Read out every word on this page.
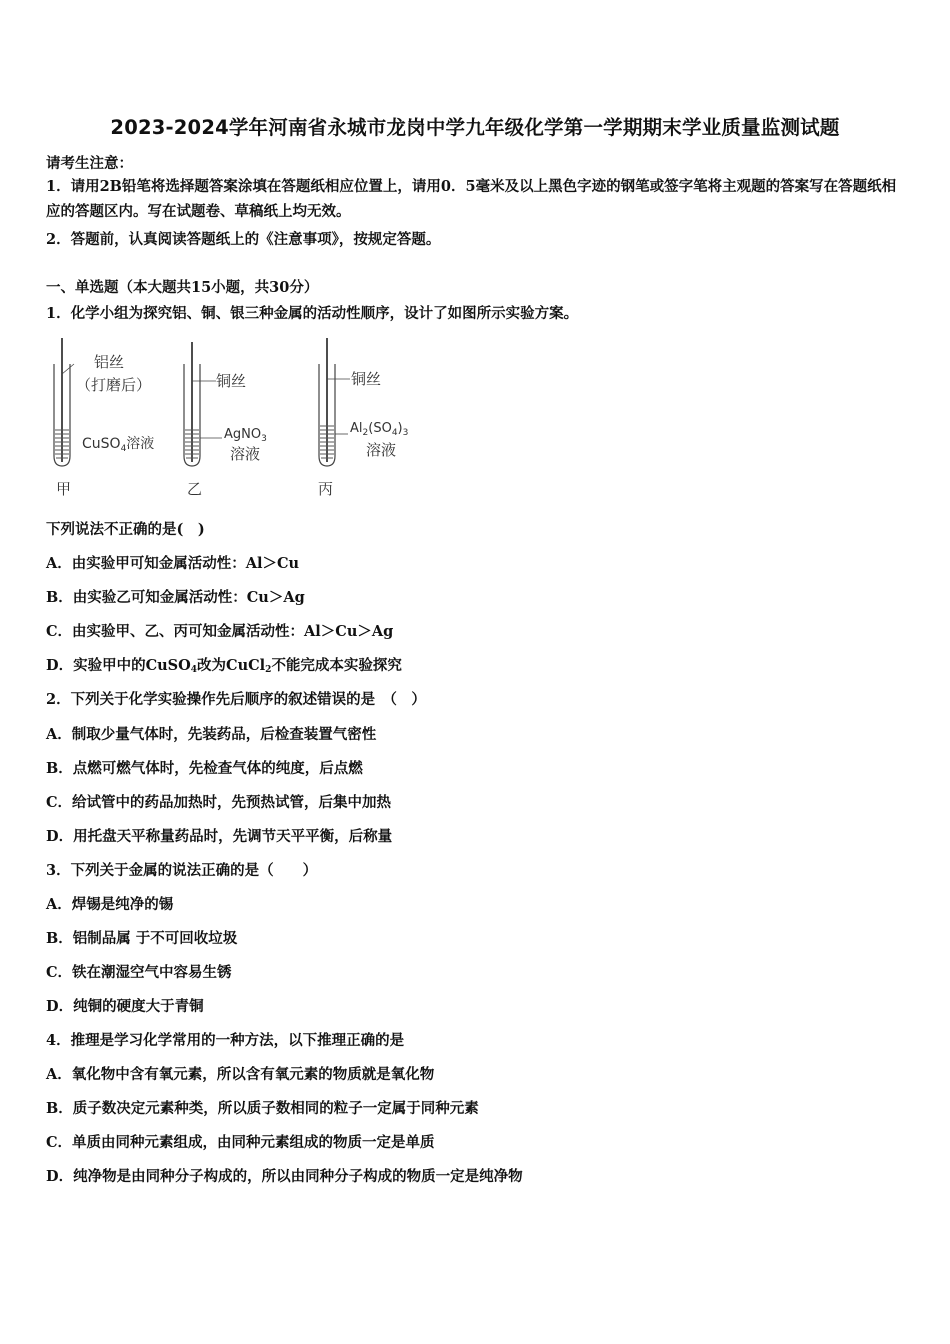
2023-2024学年河南省永城市龙岗中学九年级化学第一学期期末学业质量监测试题
请考生注意：
1．请用2B铅笔将选择题答案涂填在答题纸相应位置上，请用0．5毫米及以上黑色字迹的钢笔或签字笔将主观题的答案写在答题纸相应的答题区内。写在试题卷、草稿纸上均无效。
2．答题前，认真阅读答题纸上的《注意事项》，按规定答题。
一、单选题（本大题共15小题，共30分）
1．化学小组为探究铝、铜、银三种金属的活动性顺序，设计了如图所示实验方案。
铝丝
（打磨后）
CuSO$_4$溶液
甲
铜丝
AgNO$_3$
溶液
乙
铜丝
$Al_2(SO_4)_3$
溶液
丙
下列说法不正确的是(　)
A．由实验甲可知金属活动性：Al＞Cu
B．由实验乙可知金属活动性：Cu＞Ag
C．由实验甲、乙、丙可知金属活动性：Al＞Cu＞Ag
D．实验甲中的CuSO$_4$改为CuCl$_2$不能完成本实验探究
2．下列关于化学实验操作先后顺序的叙述错误的是　（　）
A．制取少量气体时，先装药品，后检查装置气密性
B．点燃可燃气体时，先检查气体的纯度，后点燃
C．给试管中的药品加热时，先预热试管，后集中加热
D．用托盘天平称量药品时，先调节天平平衡，后称量
3．下列关于金属的说法正确的是（　　）
A．焊锡是纯净的锡
B．铝制品属 于不可回收垃圾
C．铁在潮湿空气中容易生锈
D．纯铜的硬度大于青铜
4．推理是学习化学常用的一种方法，以下推理正确的是
A．氧化物中含有氧元素，所以含有氧元素的物质就是氧化物
B．质子数决定元素种类，所以质子数相同的粒子一定属于同种元素
C．单质由同种元素组成，由同种元素组成的物质一定是单质
D．纯净物是由同种分子构成的，所以由同种分子构成的物质一定是纯净物
